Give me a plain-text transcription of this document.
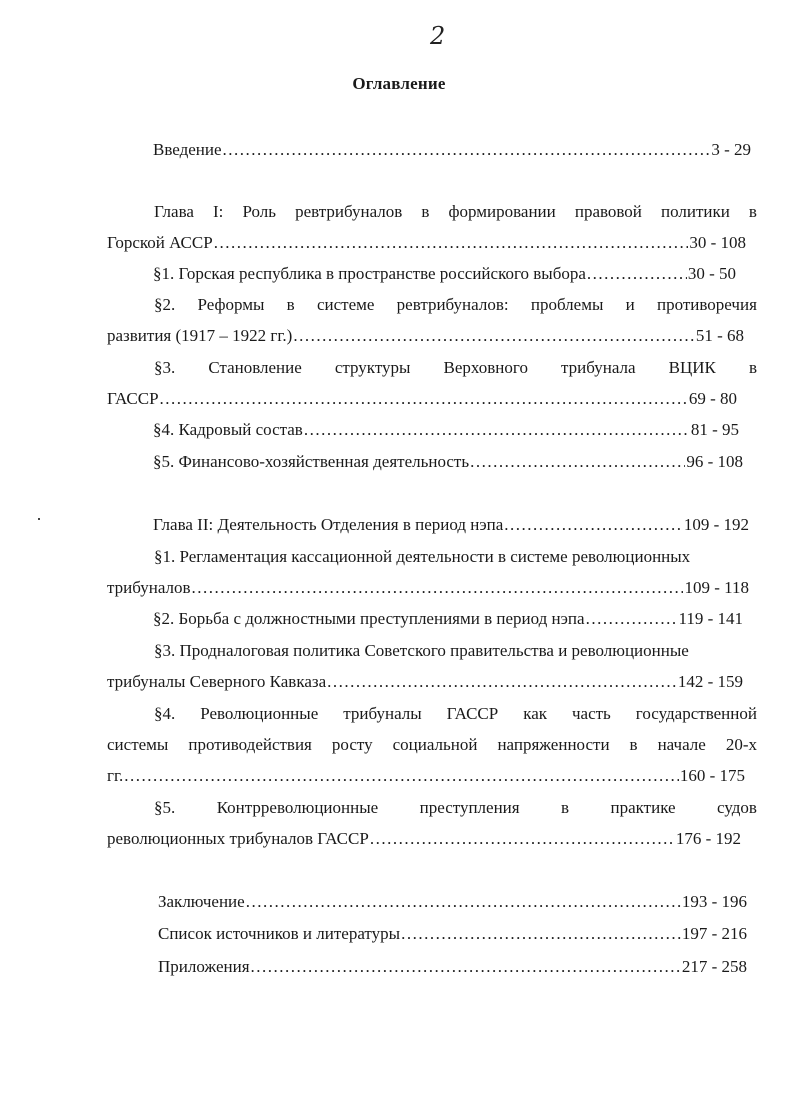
2
Оглавление
Введение .....	3 - 29
Глава I: Роль ревтрибуналов в формировании правовой политики в
Горской АССР .....	30 - 108
§1. Горская республика в пространстве российского выбора .....	30 - 50
§2. Реформы в системе ревтрибуналов: проблемы и противоречия
развития (1917 – 1922 гг.) .....	51 - 68
§3. Становление структуры Верховного трибунала ВЦИК в
ГАССР .....	69 - 80
§4. Кадровый состав .....	81 - 95
§5. Финансово-хозяйственная деятельность .....	96 - 108
Глава II: Деятельность Отделения в период нэпа .....	109 - 192
§1. Регламентация кассационной деятельности в системе революционных
трибуналов .....	109 - 118
§2. Борьба с должностными преступлениями в период нэпа .....	119 - 141
§3. Продналоговая политика Советского правительства и революционные
трибуналы Северного Кавказа .....	142 - 159
§4. Революционные трибуналы ГАССР как часть государственной
системы противодействия росту социальной напряженности в начале 20-х
гг. .....	160 - 175
§5. Контрреволюционные преступления в практике судов
революционных трибуналов ГАССР .....	176 - 192
Заключение .....	193 - 196
Список источников и литературы .....	197 - 216
Приложения .....	217 - 258
